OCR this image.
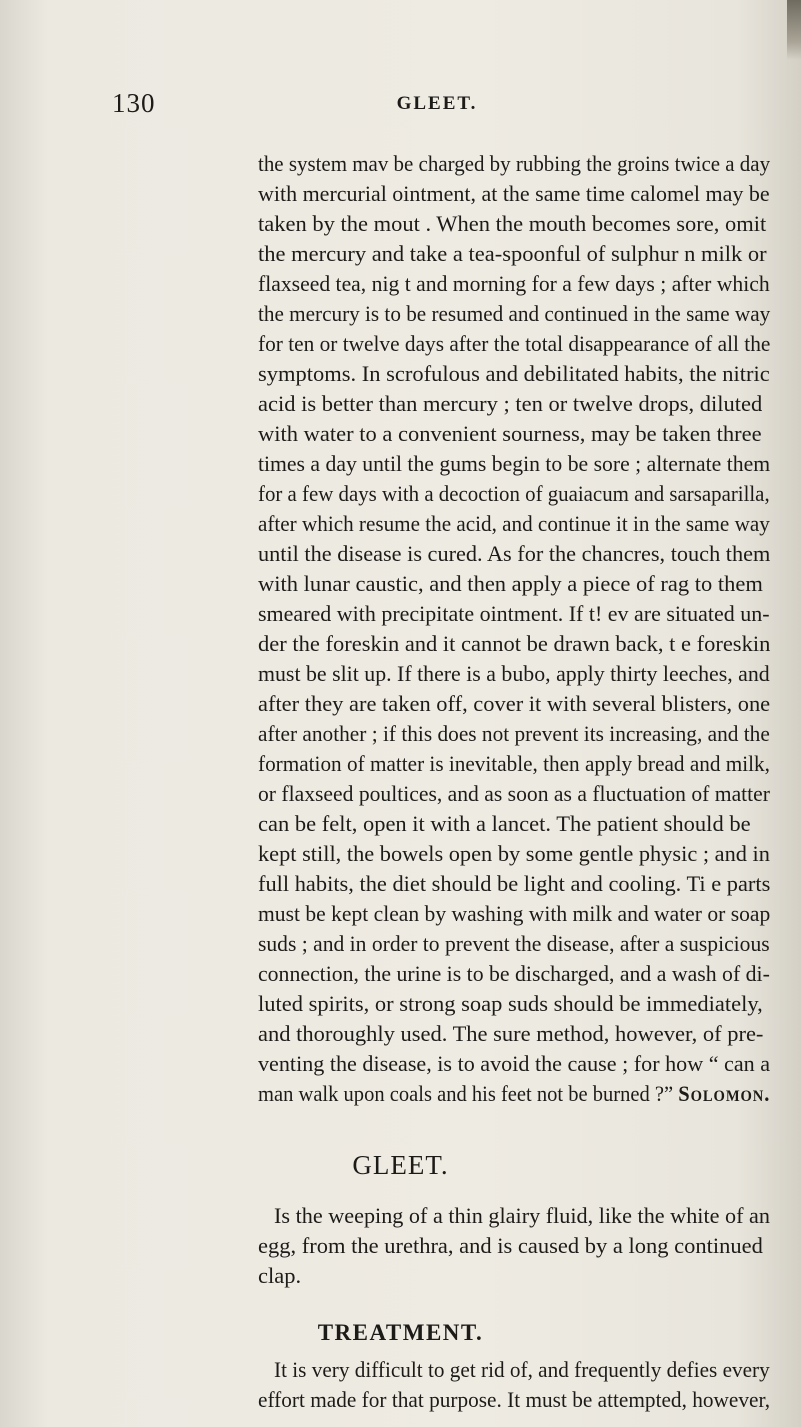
130	GLEET.
the system mav be charged by rubbing the groins twice a day
with mercurial ointment, at the same time calomel may be
taken by the mout . When the mouth becomes sore, omit
the mercury and take a tea-spoonful of sulphur n milk or
flaxseed tea, nig t and morning for a few days ; after which
the mercury is to be resumed and continued in the same way
for ten or twelve days after the total disappearance of all the
symptoms. In scrofulous and debilitated habits, the nitric
acid is better than mercury ; ten or twelve drops, diluted
with water to a convenient sourness, may be taken three
times a day until the gums begin to be sore ; alternate them
for a few days with a decoction of guaiacum and sarsaparilla,
after which resume the acid, and continue it in the same way
until the disease is cured. As for the chancres, touch them
with lunar caustic, and then apply a piece of rag to them
smeared with precipitate ointment. If t! ev are situated un-
der the foreskin and it cannot be drawn back, t e foreskin
must be slit up. If there is a bubo, apply thirty leeches, and
after they are taken off, cover it with several blisters, one
after another ; if this does not prevent its increasing, and the
formation of matter is inevitable, then apply bread and milk,
or flaxseed poultices, and as soon as a fluctuation of matter
can be felt, open it with a lancet. The patient should be
kept still, the bowels open by some gentle physic ; and in
full habits, the diet should be light and cooling. Ti e parts
must be kept clean by washing with milk and water or soap
suds ; and in order to prevent the disease, after a suspicious
connection, the urine is to be discharged, and a wash of di-
luted spirits, or strong soap suds should be immediately,
and thoroughly used. The sure method, however, of pre-
venting the disease, is to avoid the cause ; for how “ can a
man walk upon coals and his feet not be burned ?” Solomon.
GLEET.
Is the weeping of a thin glairy fluid, like the white of an
egg, from the urethra, and is caused by a long continued
clap.
TREATMENT.
It is very difficult to get rid of, and frequently defies every
effort made for that purpose. It must be attempted, however,
